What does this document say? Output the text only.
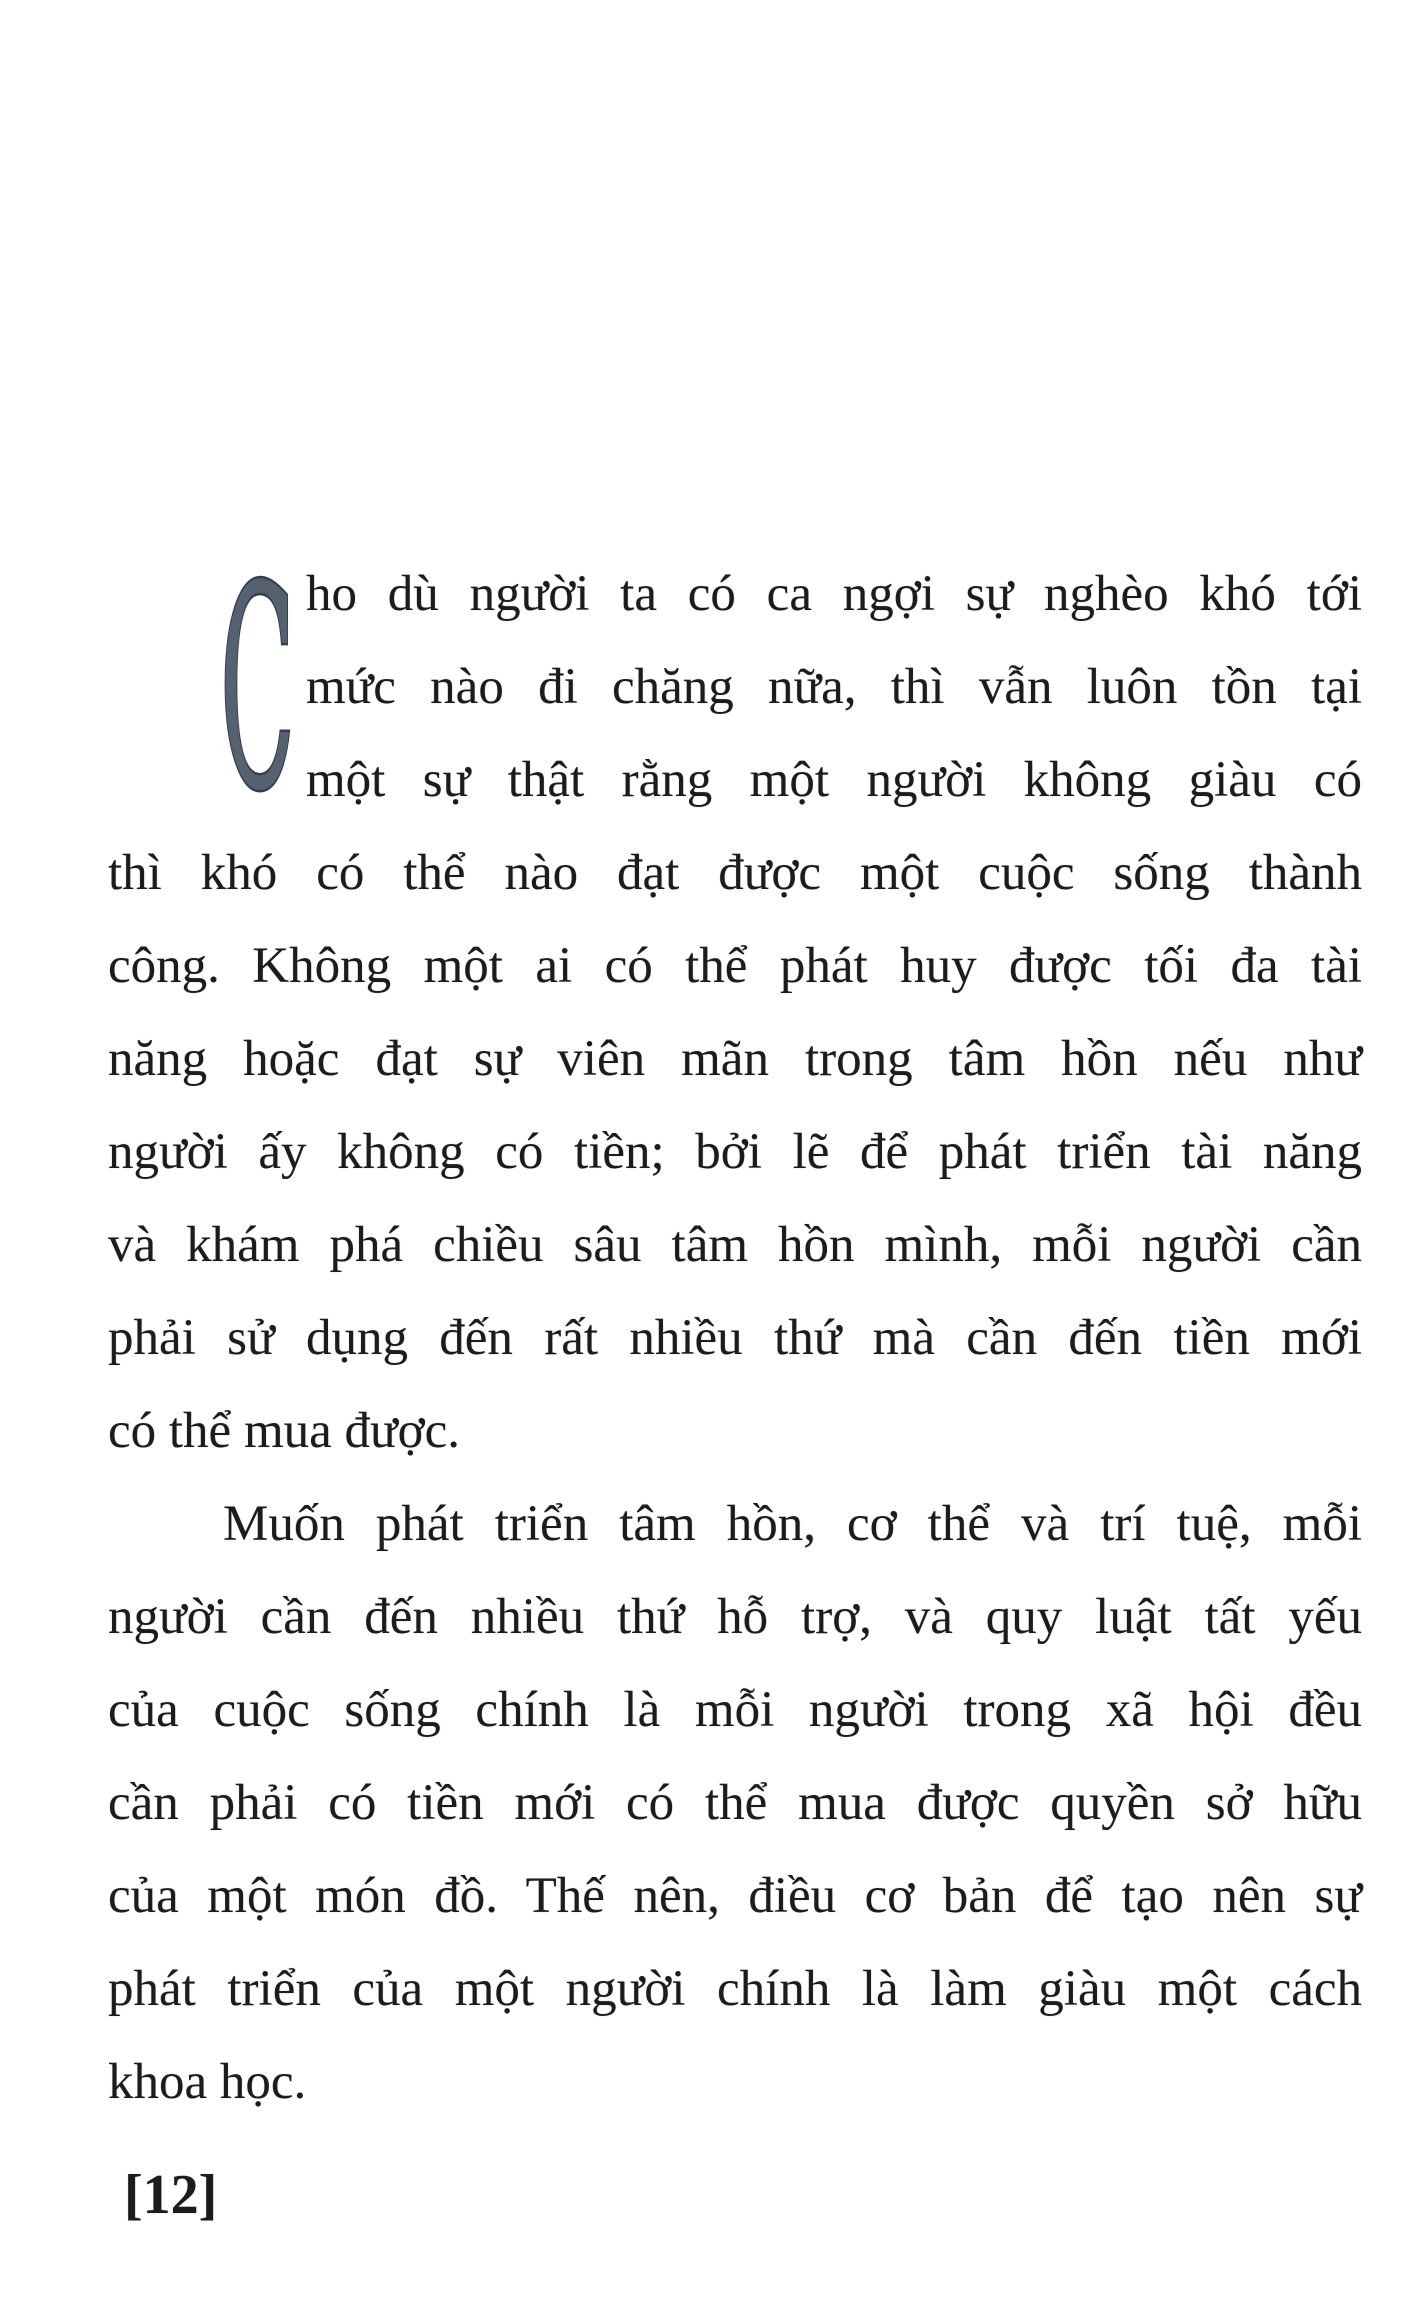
C ho dù người ta có ca ngợi sự nghèo khó tới
mức nào đi chăng nữa, thì vẫn luôn tồn tại
một sự thật rằng một người không giàu có
thì khó có thể nào đạt được một cuộc sống thành
công. Không một ai có thể phát huy được tối đa tài
năng hoặc đạt sự viên mãn trong tâm hồn nếu như
người ấy không có tiền; bởi lẽ để phát triển tài năng
và khám phá chiều sâu tâm hồn mình, mỗi người cần
phải sử dụng đến rất nhiều thứ mà cần đến tiền mới
có thể mua được.
Muốn phát triển tâm hồn, cơ thể và trí tuệ, mỗi
người cần đến nhiều thứ hỗ trợ, và quy luật tất yếu
của cuộc sống chính là mỗi người trong xã hội đều
cần phải có tiền mới có thể mua được quyền sở hữu
của một món đồ. Thế nên, điều cơ bản để tạo nên sự
phát triển của một người chính là làm giàu một cách
khoa học.
[12]
